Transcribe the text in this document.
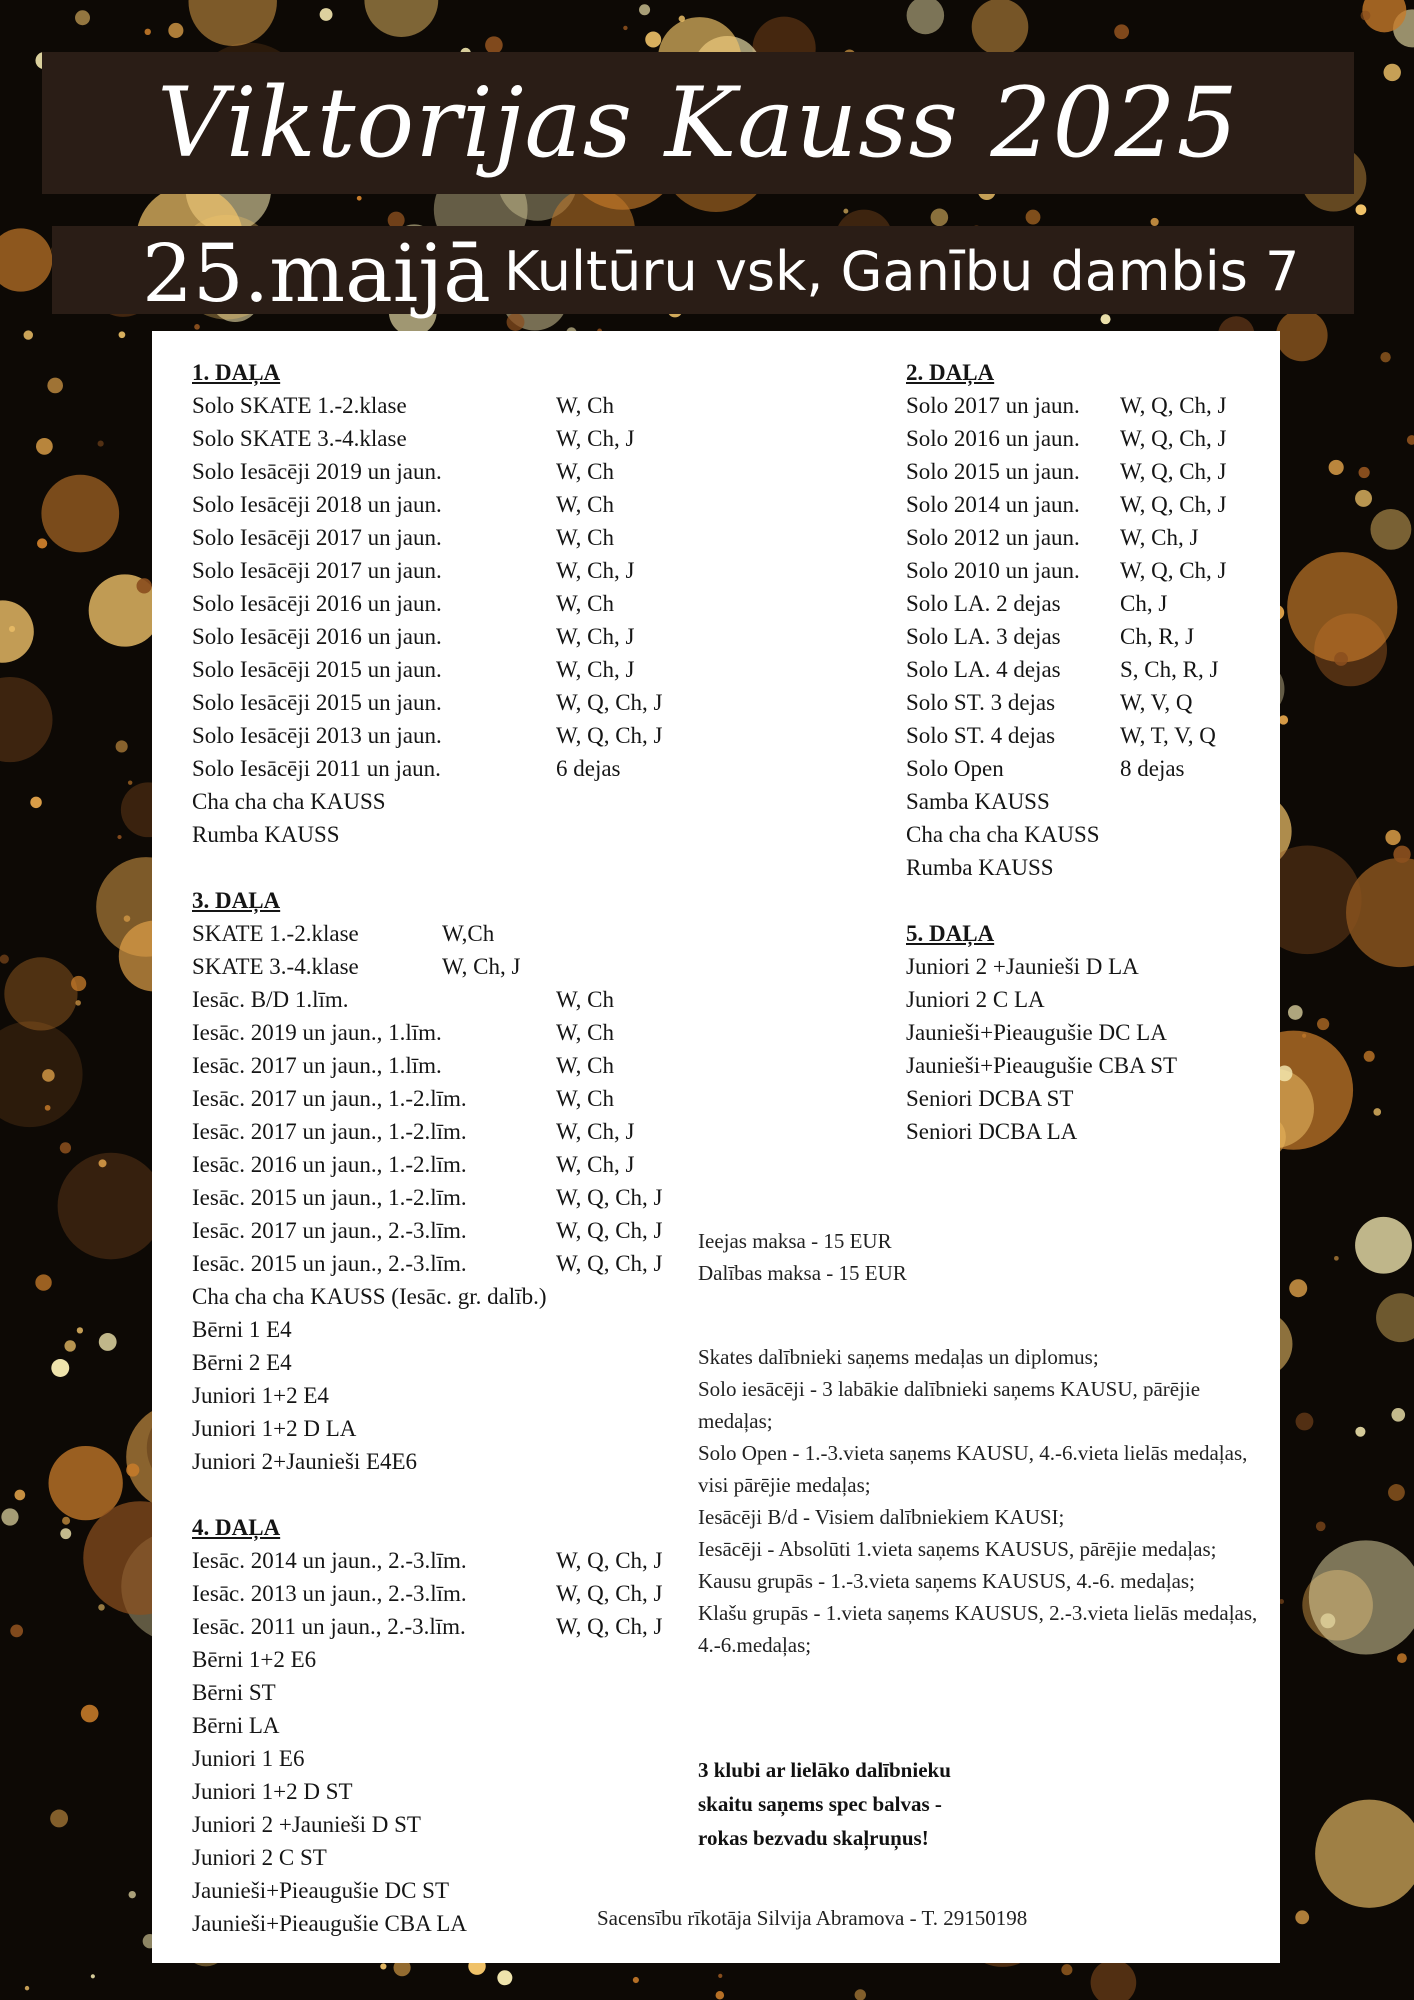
Viktorijas Kauss 2025
25.maijā Kultūru vsk, Ganību dambis 7
1. DAĻA
Solo SKATE 1.-2.klase	W, Ch
Solo SKATE 3.-4.klase	W, Ch, J
Solo Iesācēji 2019 un jaun.	W, Ch
Solo Iesācēji 2018 un jaun.	W, Ch
Solo Iesācēji 2017 un jaun.	W, Ch
Solo Iesācēji 2017 un jaun.	W, Ch, J
Solo Iesācēji 2016 un jaun.	W, Ch
Solo Iesācēji 2016 un jaun.	W, Ch, J
Solo Iesācēji 2015 un jaun.	W, Ch, J
Solo Iesācēji 2015 un jaun.	W, Q, Ch, J
Solo Iesācēji 2013 un jaun.	W, Q, Ch, J
Solo Iesācēji 2011 un jaun.	6 dejas
Cha cha cha KAUSS
Rumba KAUSS
3. DAĻA
SKATE 1.-2.klase	W,Ch
SKATE 3.-4.klase	W, Ch, J
Iesāc. B/D 1.līm.	W, Ch
Iesāc. 2019 un jaun., 1.līm.	W, Ch
Iesāc. 2017 un jaun., 1.līm.	W, Ch
Iesāc. 2017 un jaun., 1.-2.līm.	W, Ch
Iesāc. 2017 un jaun., 1.-2.līm.	W, Ch, J
Iesāc. 2016 un jaun., 1.-2.līm.	W, Ch, J
Iesāc. 2015 un jaun., 1.-2.līm.	W, Q, Ch, J
Iesāc. 2017 un jaun., 2.-3.līm.	W, Q, Ch, J
Iesāc. 2015 un jaun., 2.-3.līm.	W, Q, Ch, J
Cha cha cha KAUSS (Iesāc. gr. dalīb.)
Bērni 1 E4
Bērni 2 E4
Juniori 1+2 E4
Juniori 1+2 D LA
Juniori 2+Jaunieši E4E6
4. DAĻA
Iesāc. 2014 un jaun., 2.-3.līm.	W, Q, Ch, J
Iesāc. 2013 un jaun., 2.-3.līm.	W, Q, Ch, J
Iesāc. 2011 un jaun., 2.-3.līm.	W, Q, Ch, J
Bērni 1+2 E6
Bērni ST
Bērni LA
Juniori 1 E6
Juniori 1+2 D ST
Juniori 2 +Jaunieši D ST
Juniori 2 C ST
Jaunieši+Pieaugušie DC ST
Jaunieši+Pieaugušie CBA LA
2. DAĻA
Solo 2017 un jaun. W, Q, Ch, J
Solo 2016 un jaun. W, Q, Ch, J
Solo 2015 un jaun. W, Q, Ch, J
Solo 2014 un jaun. W, Q, Ch, J
Solo 2012 un jaun. W, Ch, J
Solo 2010 un jaun. W, Q, Ch, J
Solo LA. 2 dejas	Ch, J
Solo LA. 3 dejas	Ch, R, J
Solo LA. 4 dejas	S, Ch, R, J
Solo ST. 3 dejas	W, V, Q
Solo ST. 4 dejas	W, T, V, Q
Solo Open	8 dejas
Samba KAUSS
Cha cha cha KAUSS
Rumba KAUSS
5. DAĻA
Juniori 2 +Jaunieši D LA
Juniori 2 C LA
Jaunieši+Pieaugušie DC LA
Jaunieši+Pieaugušie CBA ST
Seniori DCBA ST
Seniori DCBA LA
Ieejas maksa - 15 EUR
Dalības maksa - 15 EUR
Skates dalībnieki saņems medaļas un diplomus;
Solo iesācēji - 3 labākie dalībnieki saņems KAUSU, pārējie medaļas;
Solo Open - 1.-3.vieta saņems KAUSU, 4.-6.vieta lielās medaļas, visi pārējie medaļas;
Iesācēji B/d - Visiem dalībniekiem KAUSI;
Iesācēji - Absolūti 1.vieta saņems KAUSUS, pārējie medaļas;
Kausu grupās - 1.-3.vieta saņems KAUSUS, 4.-6. medaļas;
Klašu grupās - 1.vieta saņems KAUSUS, 2.-3.vieta lielās medaļas, 4.-6.medaļas;
3 klubi ar lielāko dalībnieku
skaitu saņems spec balvas -
rokas bezvadu skaļruņus!
Sacensību rīkotāja Silvija Abramova - T. 29150198
